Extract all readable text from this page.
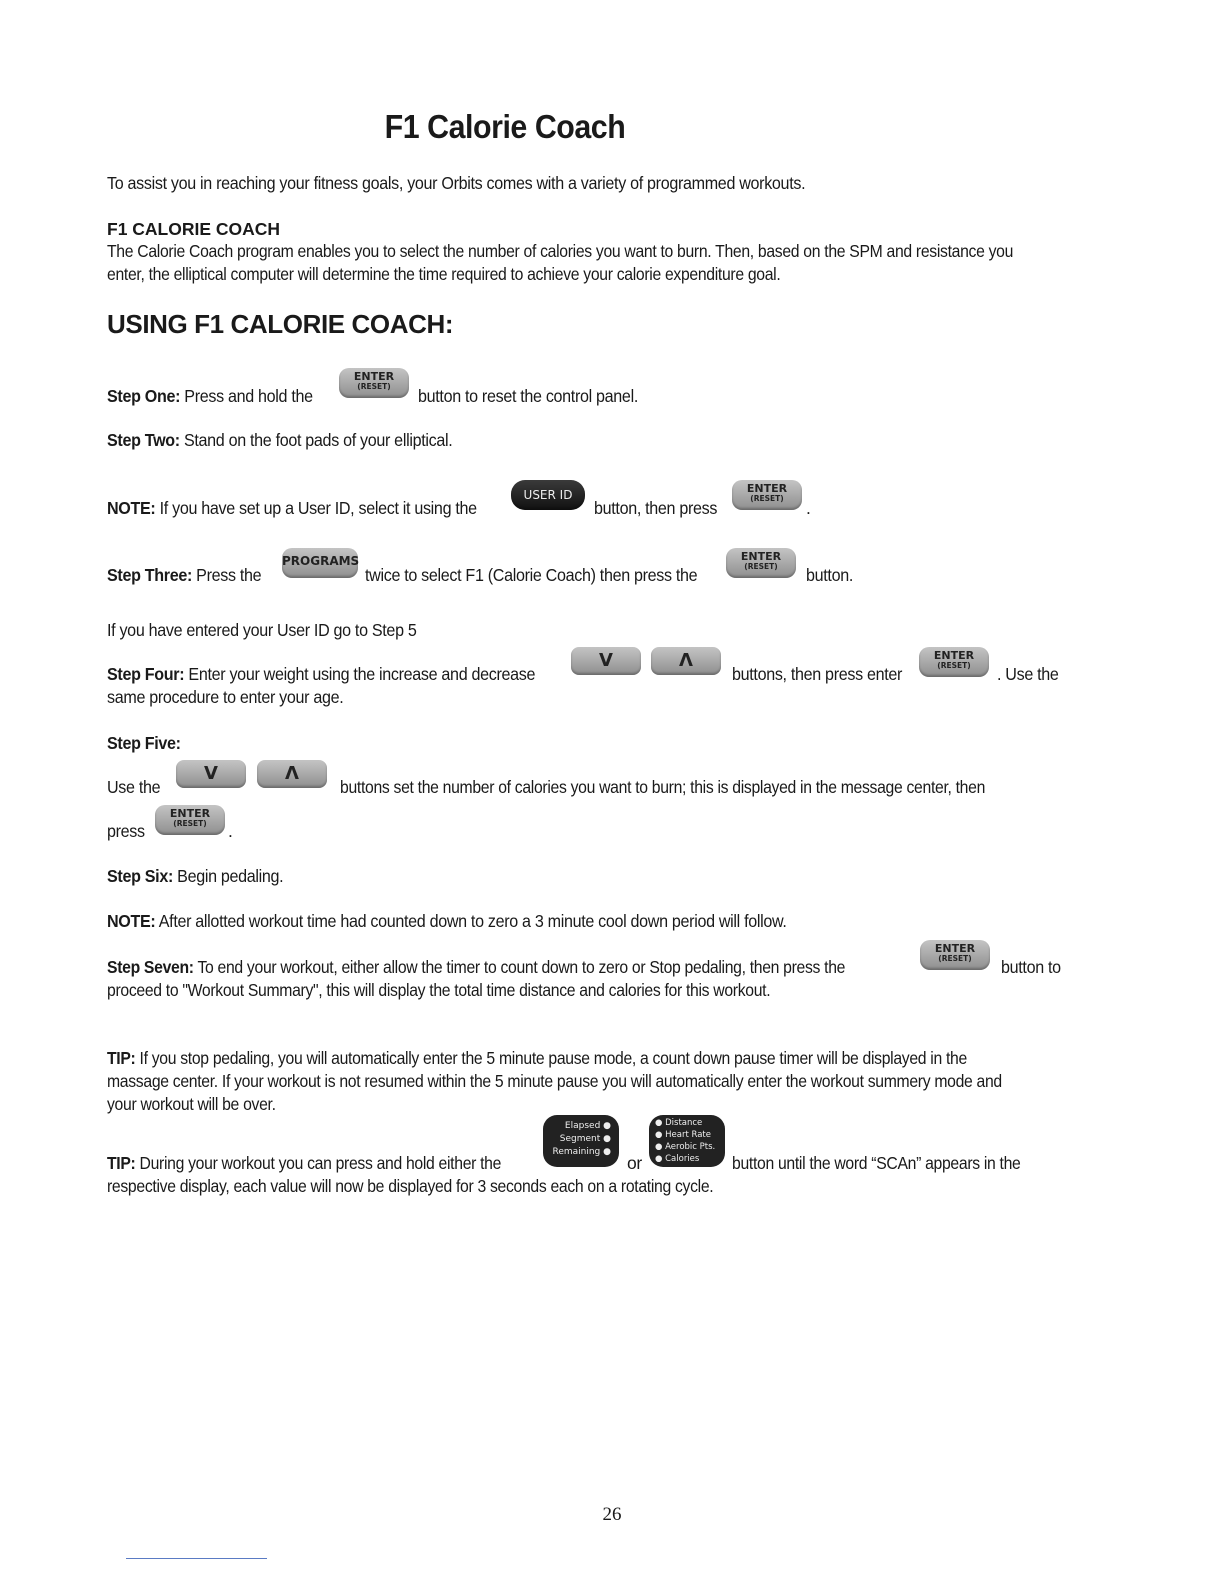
F1 Calorie Coach
To assist you in reaching your fitness goals, your Orbits comes with a variety of programmed workouts.
F1 CALORIE COACH
The Calorie Coach program enables you to select the number of calories you want to burn. Then, based on the SPM and resistance you
enter, the elliptical computer will determine the time required to achieve your calorie expenditure goal.
USING F1 CALORIE COACH:
Step One: Press and hold the
ENTER
(RESET)	button to reset the control panel.
Step Two: Stand on the foot pads of your elliptical.
NOTE: If you have set up a User ID, select it using the
USER ID
button, then press
ENTER
(RESET)	.
Step Three: Press the
PROGRAMS
twice to select F1 (Calorie Coach) then press the
ENTER
(RESET)	button.
If you have entered your User ID go to Step 5
Step Four: Enter your weight using the increase and decrease
V	Λ
buttons, then press enter
ENTER
(RESET)	. Use the
same procedure to enter your age.
Step Five:
Use the
V	Λ
buttons set the number of calories you want to burn; this is displayed in the message center, then
press
ENTER
(RESET)	.
Step Six: Begin pedaling.
NOTE: After allotted workout time had counted down to zero a 3 minute cool down period will follow.
Step Seven: To end your workout, either allow the timer to count down to zero or Stop pedaling, then press the
ENTER
(RESET)	button to
proceed to "Workout Summary", this will display the total time distance and calories for this workout.
TIP: If you stop pedaling, you will automatically enter the 5 minute pause mode, a count down pause timer will be displayed in the
massage center. If your workout is not resumed within the 5 minute pause you will automatically enter the workout summery mode and
your workout will be over.
TIP: During your workout you can press and hold either the
Elapsed ●
Segment ●
Remaining ●
or
● Distance
● Heart Rate
● Aerobic Pts.
● Calories	button until the word “SCAn” appears in the
respective display, each value will now be displayed for 3 seconds each on a rotating cycle.
26
